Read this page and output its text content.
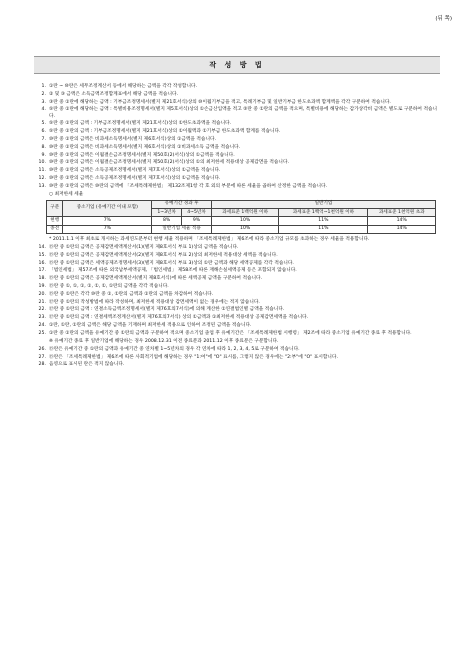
(뒤 쪽)
작 성 방 법
1. ①란 ~ ⑩란은 세무조정계산서 등에서 해당하는 금액을 각각 작성합니다.
2. ② 및 ③ 금액은 소득금액조정합계표에서 해당 금액을 적습니다.
3. ③란 중 ①란에 해당하는 금액 : 기부금조정명세서(별지 제21호서식)상의 ⑩이월기부금을 적고, 특례기부금 및 일반기부금 한도초과액 합계액을 각각 구분하여 적습니다.
4. ⑤란 중 ①란에 해당하는 금액 : 특별비용조정명세서(별지 제5호서식)상의 ①손금산입액을 적고 ⑤란 중 ①란의 금액을 적으며, 특별비용에 해당하는 감가상각비 금액은 별도로 구분하여 적습니다.
5. ⑤란 중 ①란의 금액 : 기부금조정명세서(별지 제21호서식)상의 ①한도초과액을 적습니다.
6. ⑤란 중 ①란의 금액 : 기부금조정명세서(별지 제21호서식)상의 ①이월액과 ①기부금 한도초과액 합계를 적습니다.
7. ⑩란 중 ①란의 금액은 비과세소득명세서(별지 제6호서식)상의 ①금액을 적습니다.
8. ⑩란 중 ①란의 금액은 비과세소득명세서(별지 제6호서식)상의 ①비과세소득 금액을 적습니다.
9. ⑩란 중 ①란의 금액은 이월결손금조정명세서(별지 제50호(2)서식)상의 ①금액을 적습니다.
10. ⑩란 중 ①란의 금액은 이월결손금조정명세서(별지 제50호(2)서식)상의 ①의 최저한세 적용대상 공제감면을 적습니다.
11. ⑩란 중 ①란의 금액은 소득공제조정명세서(별지 제7호서식)상의 ①금액을 적습니다.
12. ⑩란 중 ①란의 금액은 소득공제조정명세서(별지 제7호서식)상의 ①금액을 적습니다.
13. ⑩란 중 ①란의 금액은 ⑩란의 금액에 「조세특례제한법」 제132조제1항 각 호 외의 부분에 따른 세율을 곱하여 산정한 금액을 적습니다.
○ 최저한세 세율
구분	중소기업 (유예기간 이내 포함)	유예기간 경과 후		일반기업		
		1~3년차	4~5년차	과세표준 1백억원 이하	과세표준 1백억~1천억원 이하	과세표준 1천억원 초과
현행	7%	8%	9%	10%	11%	14%
종전	7%	일반기업 세율 적용		10%	11%	14%
* 2011.1.1 이후 최초로 개시하는 과세연도분부터 현행 세율 적용하며 「조세특례제한법」 제6조에 따라 중소기업 규모를 초과하는 경우 세율을 적용합니다.
14. ⑮란 중 ①란의 금액은 공제감면세액계산서(1)(별지 제8호서식 부표 1)상의 금액을 적습니다.
15. ⑮란 중 ①란의 금액은 공제감면세액계산서(2)(별지 제8호서식 부표 2)상의 최저한세 적용대상 세액을 적습니다.
16. ⑮란 중 ①란의 금액은 세액공제조정명세서(3)(별지 제8호서식 부표 3)상의 ①란 금액과 해당 세액공제를 각각 적습니다.
17. 「법인세법」 제57조에 따른 외국납부세액공제, 「법인세법」 제58조에 따른 재해손실세액공제 등은 포함되지 않습니다.
18. ⑮란 중 ①란의 금액은 공제감면세액계산서(별지 제8호서식)에 따른 세액공제 금액을 구분하여 적습니다.
19. ⑮란 중 ①, ①, ①, ①, ①, ①, ①란의 금액을 각각 적습니다.
20. ⑮란 중 ①란은 각각 ⑩란 중 ①, ①란의 금액과 ①란의 금액을 차감하여 적습니다.
21. ⑰란 중 ①란의 작성방법에 따라 작성하며, 최저한세 적용대상 감면세액이 없는 경우에는 적지 않습니다.
22. ⑰란 중 ①란의 금액 : 연결소득금액조정명세서(별지 제76호의7서식)에 의해 계산한 ①연결법인별 금액을 적습니다.
23. ⑰란 중 ①란의 금액 : 연결세액조정계산서(별지 제76호의7서식) 상의 ①금액과 ①최저한세 적용대상 공제감면세액을 적습니다.
24. ①란, ①란, ①란의 금액은 해당 금액을 기재하며 최저한세 적용으로 인하여 조정된 금액을 적습니다.
25. ①란 중 ①란의 금액을 유예기간 중 ①란의 금액과 구분하여 적으며 중소기업 졸업 후 유예기간은 「조세특례제한법 시행령」 제2조에 따라 중소기업 유예기간 종료 후 적용합니다.
※ 유예기간 종료 후 일반기업에 해당하는 경우 2008.12.31 이전 종료분과 2011.12 이후 종료분은 구분합니다.
26. ⑮란은 유예기간 중 ①란의 금액과 유예기간 중 연차별 1~5년차의 경우 각 연차에 따라 1, 2, 3, 4, 5로 구분하여 적습니다.
27. ⑮란은 「조세특례제한법」 제6조에 따른 사회적기업에 해당하는 경우 "1:여"에 "O" 표시를, 그렇지 않은 경우에는 "2:부"에 "O" 표시합니다.
28. 음영으로 표시된 란은 적지 않습니다.
